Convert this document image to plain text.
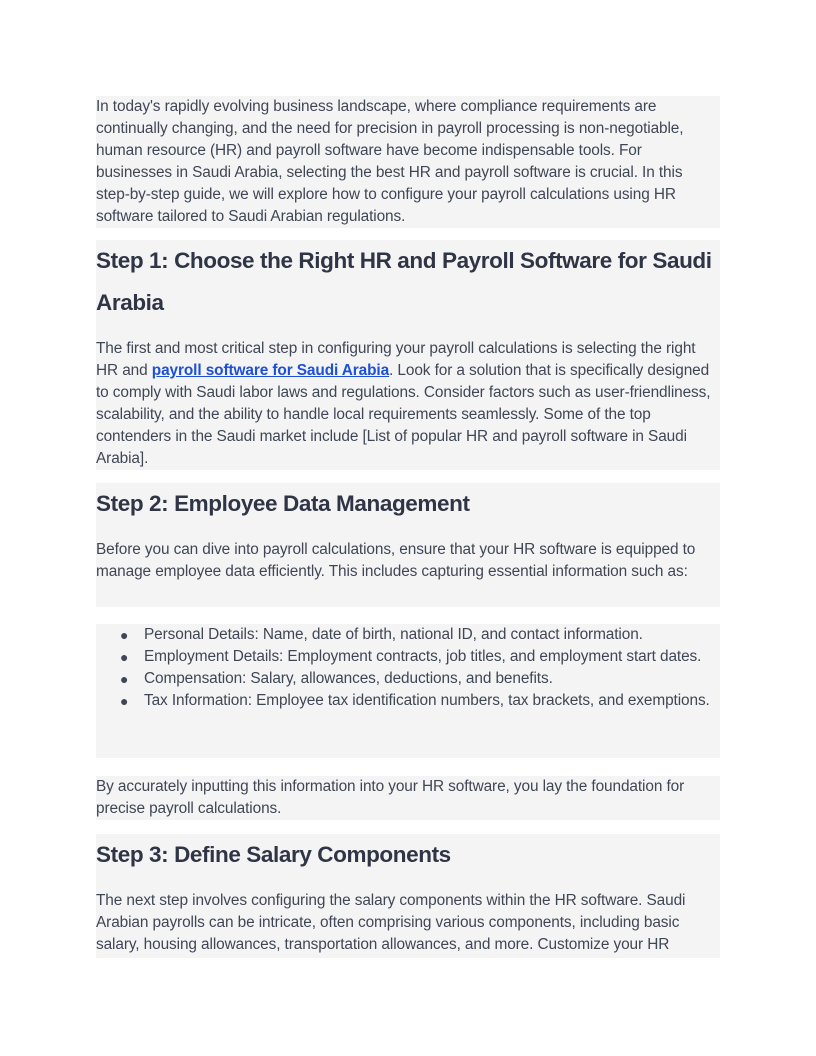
In today's rapidly evolving business landscape, where compliance requirements are continually changing, and the need for precision in payroll processing is non-negotiable, human resource (HR) and payroll software have become indispensable tools. For businesses in Saudi Arabia, selecting the best HR and payroll software is crucial. In this step-by-step guide, we will explore how to configure your payroll calculations using HR software tailored to Saudi Arabian regulations.

Step 1: Choose the Right HR and Payroll Software for Saudi Arabia

The first and most critical step in configuring your payroll calculations is selecting the right HR and payroll software for Saudi Arabia. Look for a solution that is specifically designed to comply with Saudi labor laws and regulations. Consider factors such as user-friendliness, scalability, and the ability to handle local requirements seamlessly. Some of the top contenders in the Saudi market include [List of popular HR and payroll software in Saudi Arabia].

Step 2: Employee Data Management

Before you can dive into payroll calculations, ensure that your HR software is equipped to manage employee data efficiently. This includes capturing essential information such as:

● Personal Details: Name, date of birth, national ID, and contact information.
● Employment Details: Employment contracts, job titles, and employment start dates.
● Compensation: Salary, allowances, deductions, and benefits.
● Tax Information: Employee tax identification numbers, tax brackets, and exemptions.

By accurately inputting this information into your HR software, you lay the foundation for precise payroll calculations.

Step 3: Define Salary Components

The next step involves configuring the salary components within the HR software. Saudi Arabian payrolls can be intricate, often comprising various components, including basic salary, housing allowances, transportation allowances, and more. Customize your HR
